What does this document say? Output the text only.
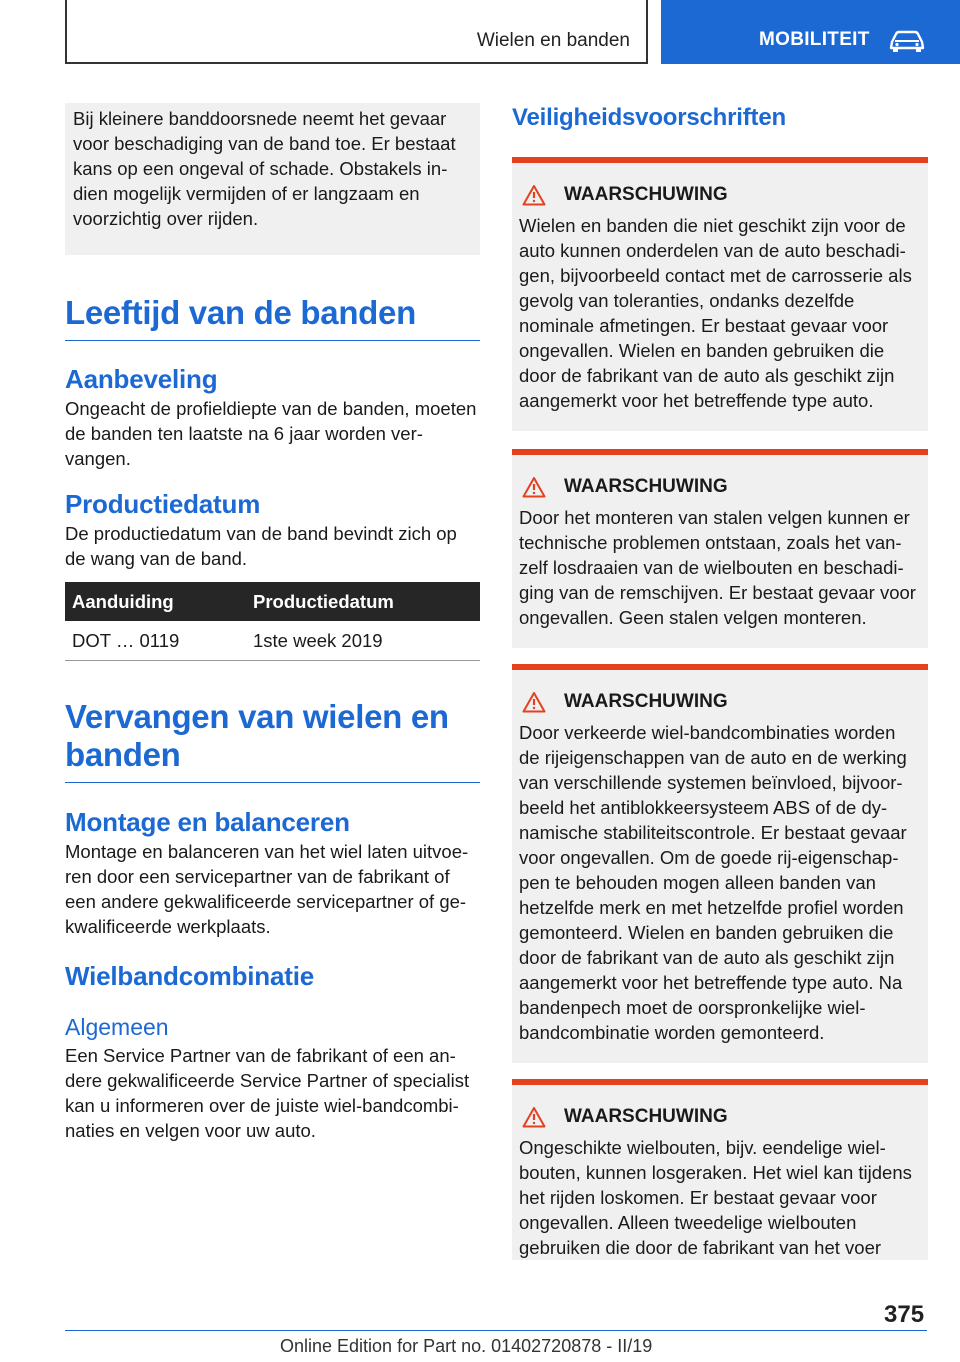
Wielen en banden	MOBILITEIT

Bij kleinere banddoorsnede neemt het gevaar voor beschadiging van de band toe. Er bestaat kans op een ongeval of schade. Obstakels indien mogelijk vermijden of er langzaam en voorzichtig over rijden.

Leeftijd van de banden
Aanbeveling

Ongeacht de profieldiepte van de banden, moeten de banden ten laatste na 6 jaar worden vervangen.

Productiedatum

De productiedatum van de band bevindt zich op de wang van de band.

Aanduiding	Productiedatum
DOT … 0119	1ste week 2019
Vervangen van wielen en banden
Montage en balanceren

Montage en balanceren van het wiel laten uitvoeren door een servicepartner van de fabrikant of een andere gekwalificeerde servicepartner of gekwalificeerde werkplaats.

Wielbandcombinatie
Algemeen

Een Service Partner van de fabrikant of een andere gekwalificeerde Service Partner of specialist kan u informeren over de juiste wiel-bandcombinaties en velgen voor uw auto.

Veiligheidsvoorschriften
WAARSCHUWING

Wielen en banden die niet geschikt zijn voor de auto kunnen onderdelen van de auto beschadigen, bijvoorbeeld contact met de carrosserie als gevolg van toleranties, ondanks dezelfde nominale afmetingen. Er bestaat gevaar voor ongevallen. Wielen en banden gebruiken die door de fabrikant van de auto als geschikt zijn aangemerkt voor het betreffende type auto.

WAARSCHUWING

Door het monteren van stalen velgen kunnen er technische problemen ontstaan, zoals het vanzelf losdraaien van de wielbouten en beschadiging van de remschijven. Er bestaat gevaar voor ongevallen. Geen stalen velgen monteren.

WAARSCHUWING

Door verkeerde wiel-bandcombinaties worden de rijeigenschappen van de auto en de werking van verschillende systemen beïnvloed, bijvoorbeeld het antiblokkeersysteem ABS of de dynamische stabiliteitscontrole. Er bestaat gevaar voor ongevallen. Om de goede rij-eigenschappen te behouden mogen alleen banden van hetzelfde merk en met hetzelfde profiel worden gemonteerd. Wielen en banden gebruiken die door de fabrikant van de auto als geschikt zijn aangemerkt voor het betreffende type auto. Na bandenpech moet de oorspronkelijke wiel-bandcombinatie worden gemonteerd.

WAARSCHUWING

Ongeschikte wielbouten, bijv. eendelige wielbouten, kunnen losgeraken. Het wiel kan tijdens het rijden loskomen. Er bestaat gevaar voor ongevallen. Alleen tweedelige wielbouten gebruiken die door de fabrikant van het voer

375
Online Edition for Part no. 01402720878 - II/19
